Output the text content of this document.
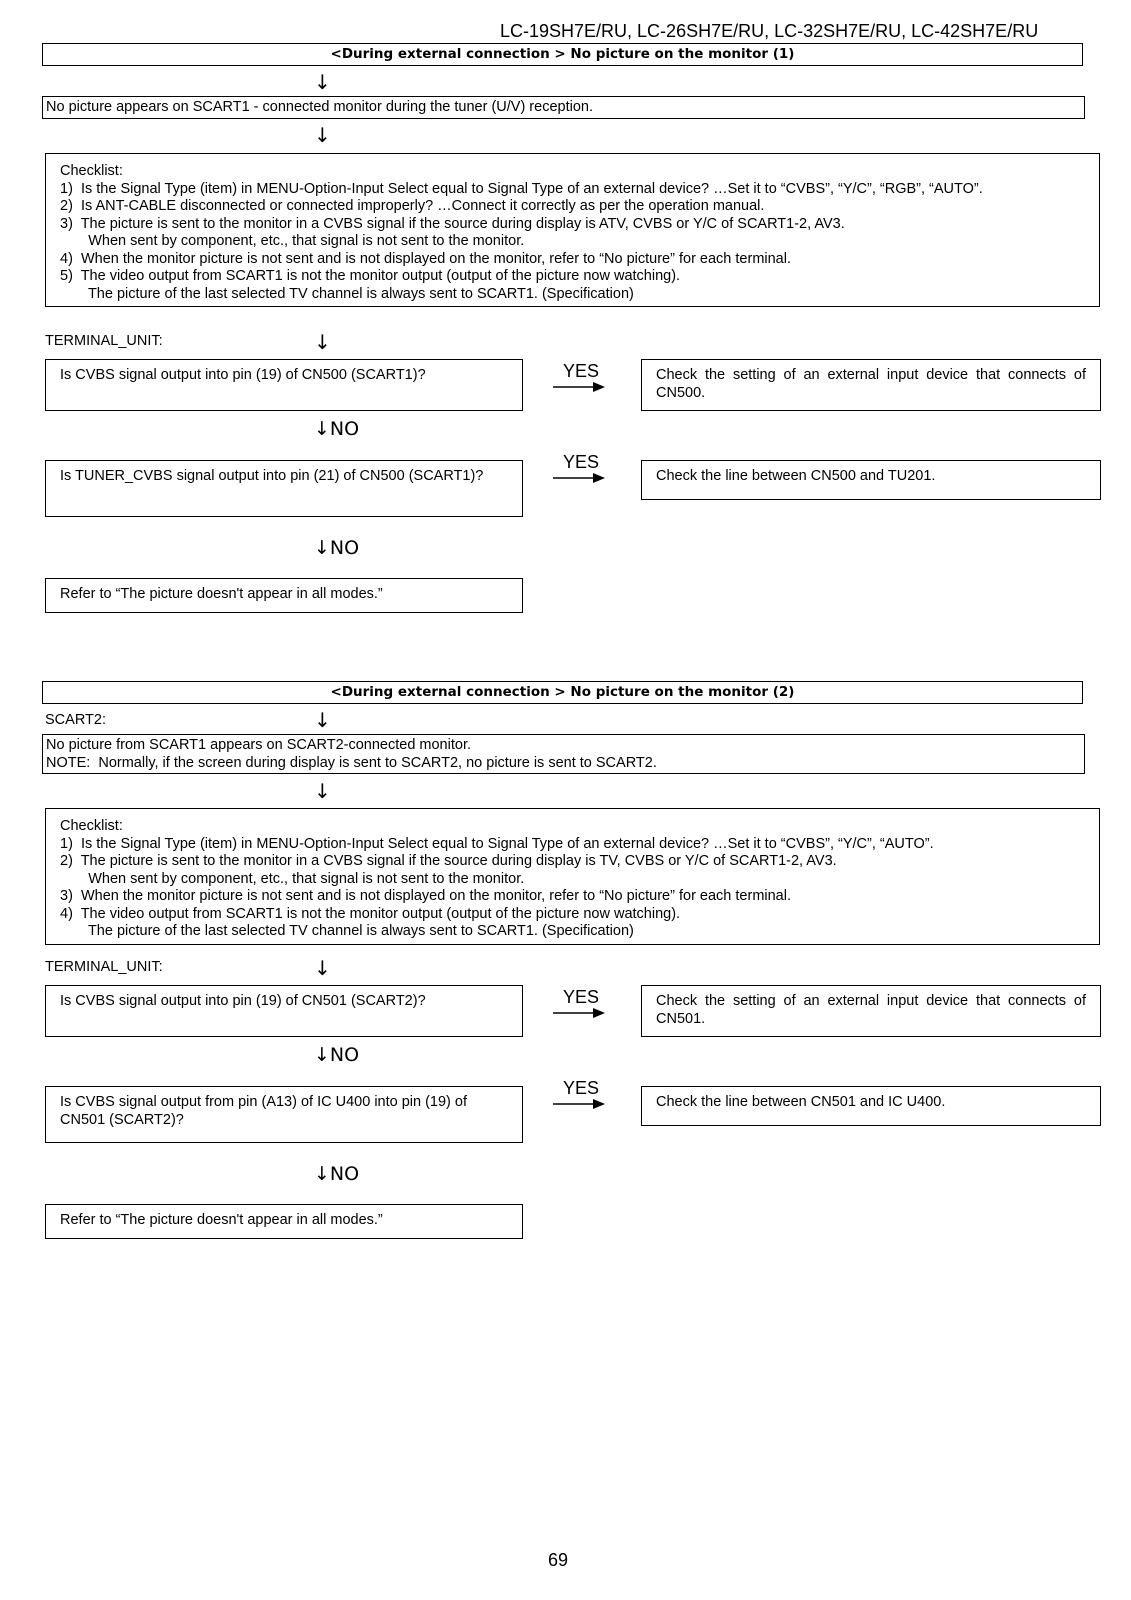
LC-19SH7E/RU, LC-26SH7E/RU, LC-32SH7E/RU, LC-42SH7E/RU
<During external connection > No picture on the monitor (1)
↓
No picture appears on SCART1 - connected monitor during the tuner (U/V) reception.
↓
Checklist:
1)  Is the Signal Type (item) in MENU-Option-Input Select equal to Signal Type of an external device? …Set it to “CVBS”, “Y/C”, “RGB”, “AUTO”.
2)  Is ANT-CABLE disconnected or connected improperly? …Connect it correctly as per the operation manual.
3)  The picture is sent to the monitor in a CVBS signal if the source during display is ATV, CVBS or Y/C of SCART1-2, AV3.
When sent by component, etc., that signal is not sent to the monitor.
4)  When the monitor picture is not sent and is not displayed on the monitor, refer to “No picture” for each terminal.
5)  The video output from SCART1 is not the monitor output (output of the picture now watching).
The picture of the last selected TV channel is always sent to SCART1. (Specification)
TERMINAL_UNIT:	↓
Is CVBS signal output into pin (19) of CN500 (SCART1)?	YES	Check the setting of an external input device that connects of CN500.
↓NO
Is TUNER_CVBS signal output into pin (21) of CN500 (SCART1)?
YES
Check the line between CN500 and TU201.
↓NO
Refer to “The picture doesn't appear in all modes.”
<During external connection > No picture on the monitor (2)
SCART2:	↓
No picture from SCART1 appears on SCART2-connected monitor.
NOTE:  Normally, if the screen during display is sent to SCART2, no picture is sent to SCART2.
↓
Checklist:
1)  Is the Signal Type (item) in MENU-Option-Input Select equal to Signal Type of an external device? …Set it to “CVBS”, “Y/C”, “AUTO”.
2)  The picture is sent to the monitor in a CVBS signal if the source during display is TV, CVBS or Y/C of SCART1-2, AV3.
When sent by component, etc., that signal is not sent to the monitor.
3)  When the monitor picture is not sent and is not displayed on the monitor, refer to “No picture” for each terminal.
4)  The video output from SCART1 is not the monitor output (output of the picture now watching).
The picture of the last selected TV channel is always sent to SCART1. (Specification)
TERMINAL_UNIT:	↓
Is CVBS signal output into pin (19) of CN501 (SCART2)?	YES	Check the setting of an external input device that connects of CN501.
↓NO
Is CVBS signal output from pin (A13) of IC U400 into pin (19) of CN501 (SCART2)?
YES
Check the line between CN501 and IC U400.
↓NO
Refer to “The picture doesn't appear in all modes.”
69
